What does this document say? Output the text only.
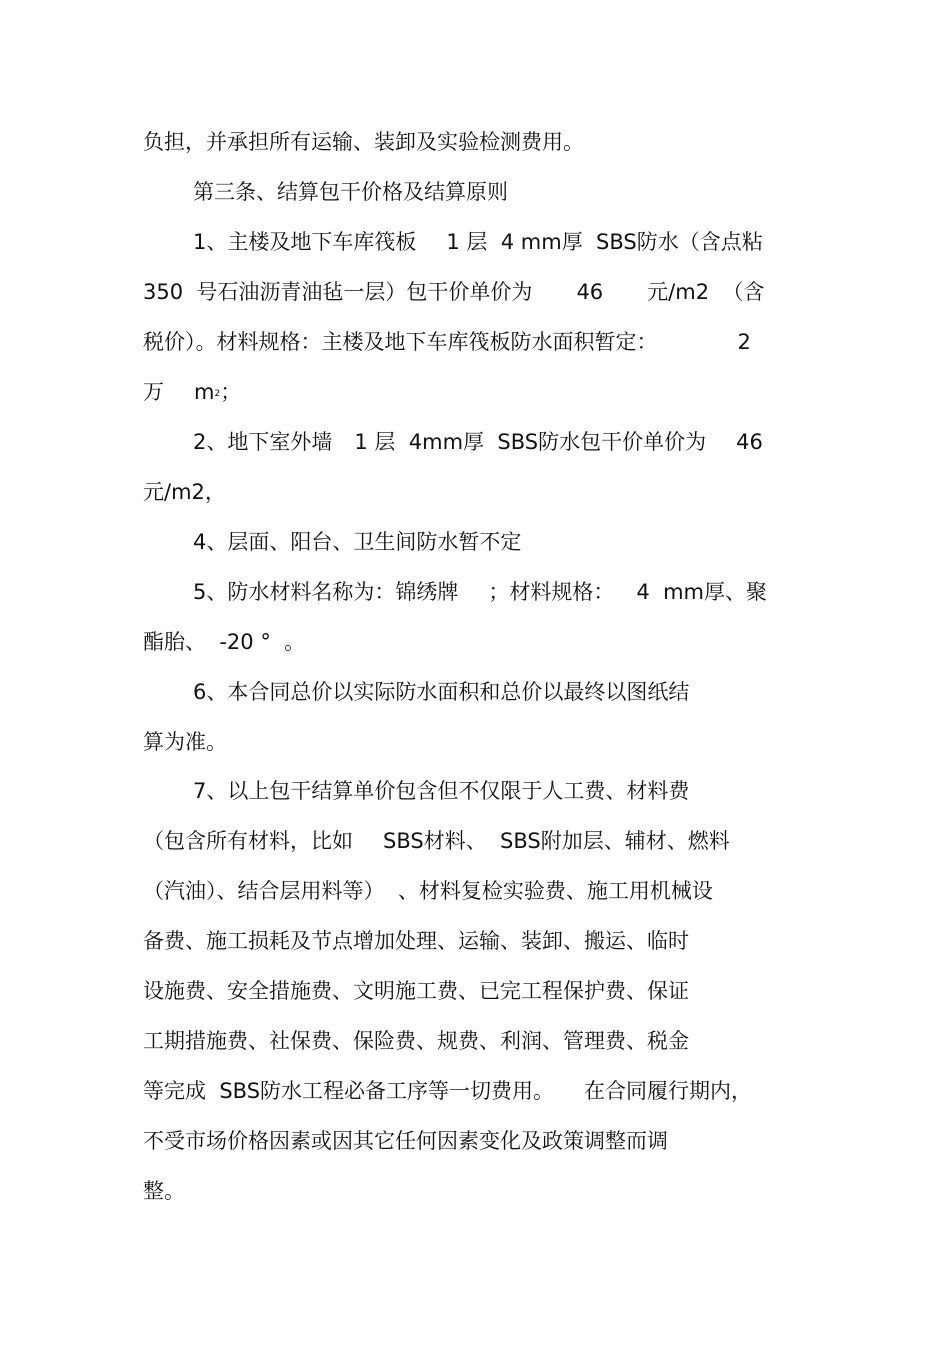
负担，并承担所有运输、装卸及实验检测费用。

第三条、结算包干价格及结算原则

1、主楼及地下车库筏板 1 层  4 mm厚  SBS防水（含点粘

350  号石油沥青油毡一层）包干价单价为 46 元/m2  （含

税价）。材料规格：主楼及地下车库筏板防水面积暂定：	2

万 $m^2$；

2、地下室外墙 1 层  4mm厚  SBS防水包干价单价为 46

元/m2，

4、层面、阳台、卫生间防水暂不定

5、防水材料名称为：锦绣牌 ；材料规格： 4  mm厚、聚

酯胎、  -20 °  。

6、本合同总价以实际防水面积和总价以最终以图纸结

算为准。

7、以上包干结算单价包含但不仅限于人工费、材料费

（包含所有材料，比如 SBS材料、  SBS附加层、辅材、燃料

（汽油）、结合层用料等）  、材料复检实验费、施工用机械设

备费、施工损耗及节点增加处理、运输、装卸、搬运、临时

设施费、安全措施费、文明施工费、已完工程保护费、保证

工期措施费、社保费、保险费、规费、利润、管理费、税金

等完成  SBS防水工程必备工序等一切费用。 在合同履行期内，

不受市场价格因素或因其它任何因素变化及政策调整而调

整。
